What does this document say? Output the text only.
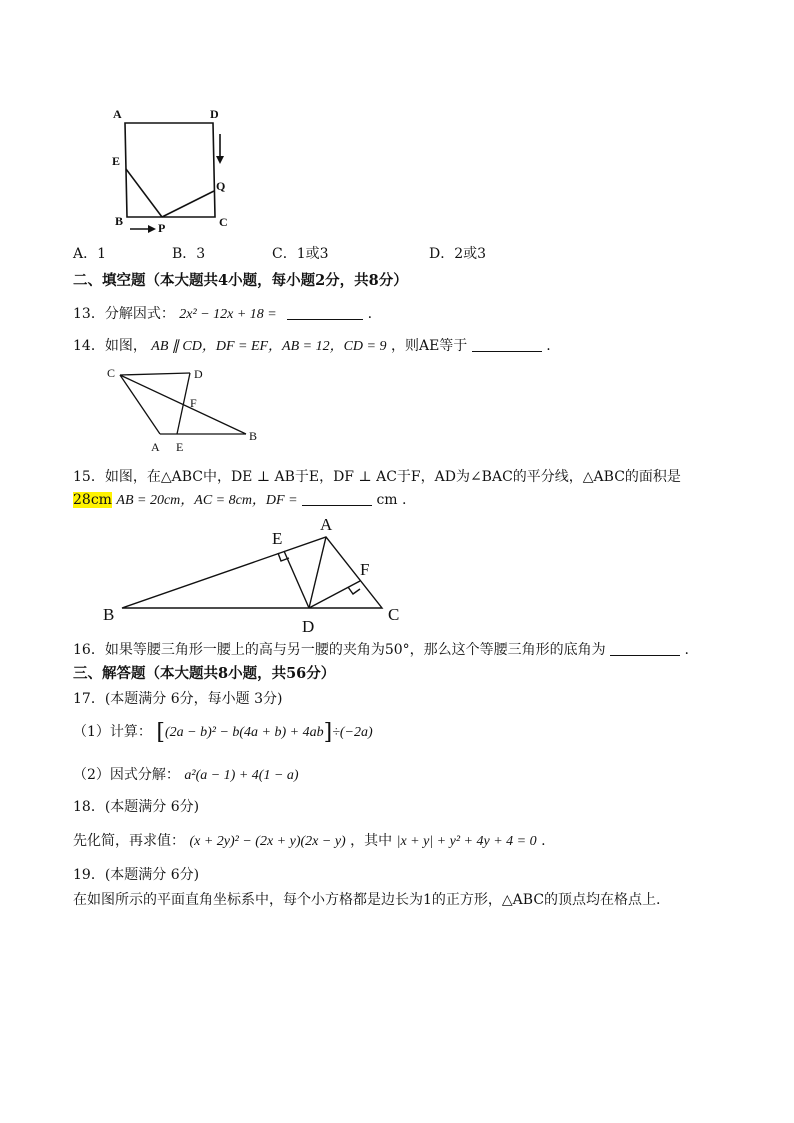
A	D
E
Q
B	C
P
A．1	B．3	C．1或3	D．2或3
二、填空题（本大题共4小题，每小题2分，共8分）
13．分解因式： 2x² − 12x + 18 =	.
14．如图， AB ∥ CD，DF = EF，AB = 12，CD = 9 ，则AE等于	.
C	D
F
A E
B
15．如图，在△ABC中，DE ⊥ AB于E，DF ⊥ AC于F，AD为∠BAC的平分线，△ABC的面积是
28cm AB = 20cm，AC = 8cm，DF =	cm .
A
E
F
B
D
C
16．如果等腰三角形一腰上的高与另一腰的夹角为50°，那么这个等腰三角形的底角为	.
三、解答题（本大题共8小题，共56分）
17．(本题满分 6分，每小题 3分)
（1）计算： [(2a − b)² − b(4a + b) + 4ab]÷(−2a)
（2）因式分解： a²(a − 1) + 4(1 − a)
18．(本题满分 6分)
先化简，再求值： (x + 2y)² − (2x + y)(2x − y) ，其中 |x + y| + y² + 4y + 4 = 0 .
19．(本题满分 6分)
在如图所示的平面直角坐标系中，每个小方格都是边长为1的正方形，△ABC的顶点均在格点上.
